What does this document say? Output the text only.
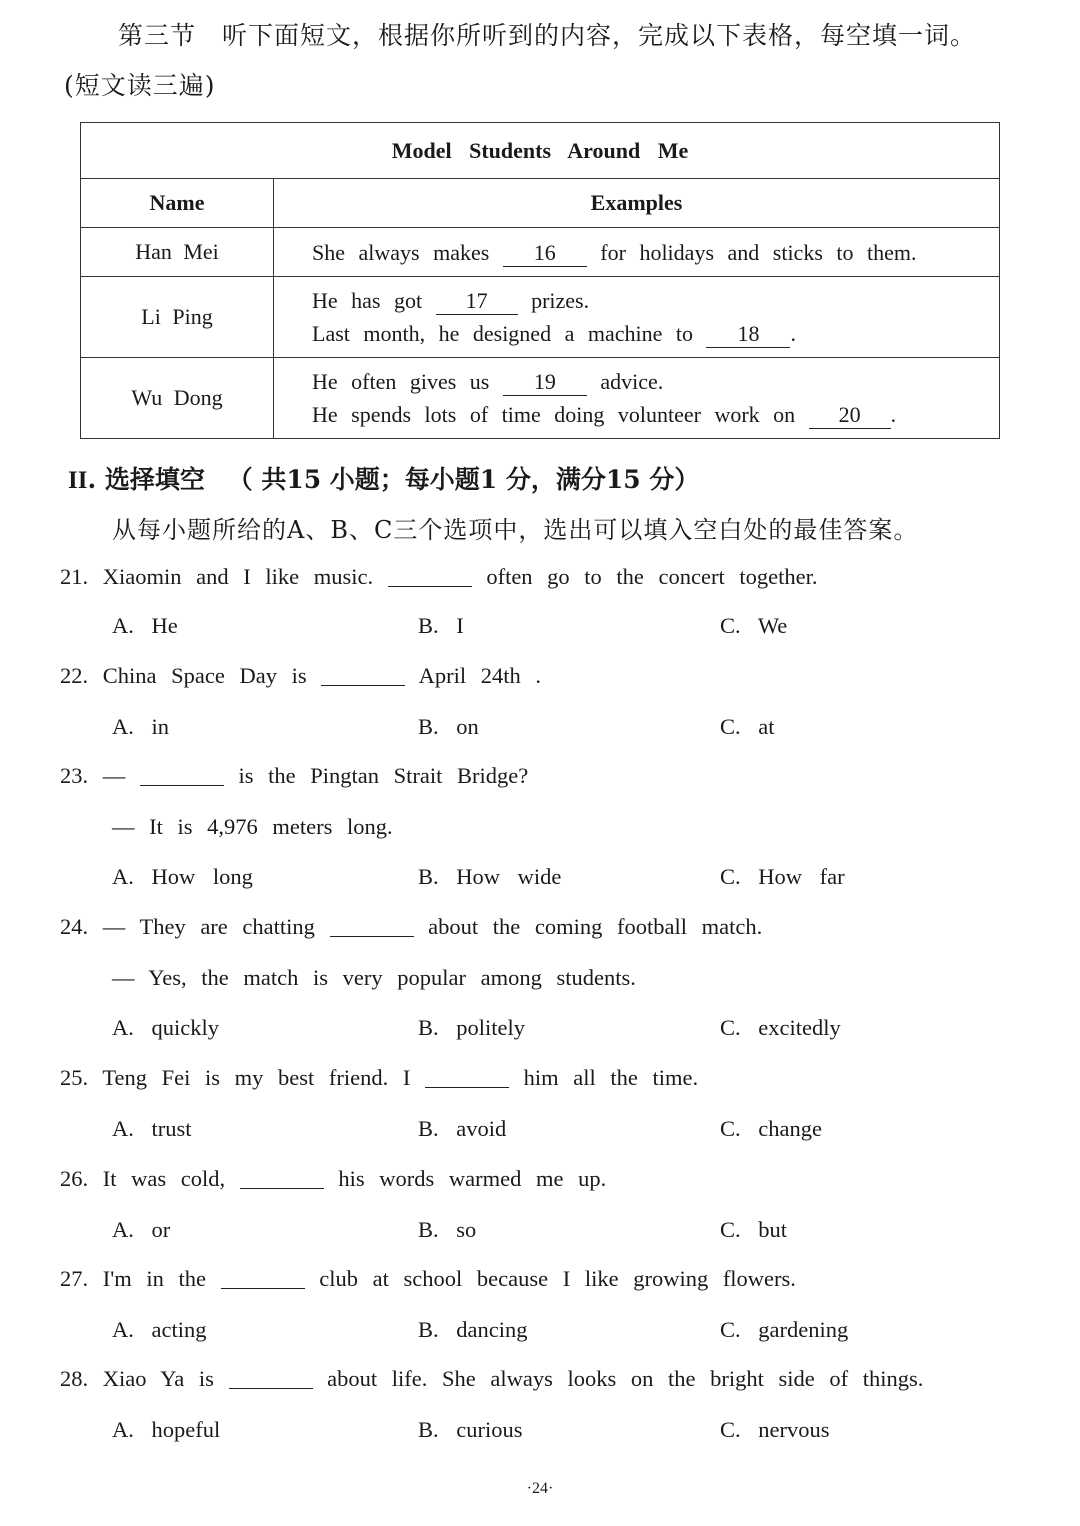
第三节　听下面短文，根据你所听到的内容，完成以下表格，每空填一词。
(短文读三遍)
Model Students Around Me	
Name	Examples
Han Mei	She always makes 16 for holidays and sticks to them.
Li Ping	He has got 17 prizes.
Last month, he designed a machine to 18 .

Wu Dong	He often gives us 19 advice.
He spends lots of time doing volunteer work on 20 .
II. 选择填空 （ 共15 小题；每小题1 分，满分15 分）
从每小题所给的A、B、C三个选项中，选出可以填入空白处的最佳答案。
21. Xiaomin and I like music.	often go to the concert together.
A. He	B. I	C. We
22. China Space Day is	April 24th .
A. in	B. on	C. at
23. —	is the Pingtan Strait Bridge?
— It is 4,976 meters long.
A. How long	B. How wide	C. How far
24. — They are chatting	about the coming football match.
— Yes, the match is very popular among students.
A. quickly	B. politely	C. excitedly
25. Teng Fei is my best friend. I	him all the time.
A. trust	B. avoid	C. change
26. It was cold,	his words warmed me up.
A. or	B. so	C. but
27. I'm in the	club at school because I like growing flowers.
A. acting	B. dancing	C. gardening
28. Xiao Ya is	about life. She always looks on the bright side of things.
A. hopeful	B. curious	C. nervous
·24·
